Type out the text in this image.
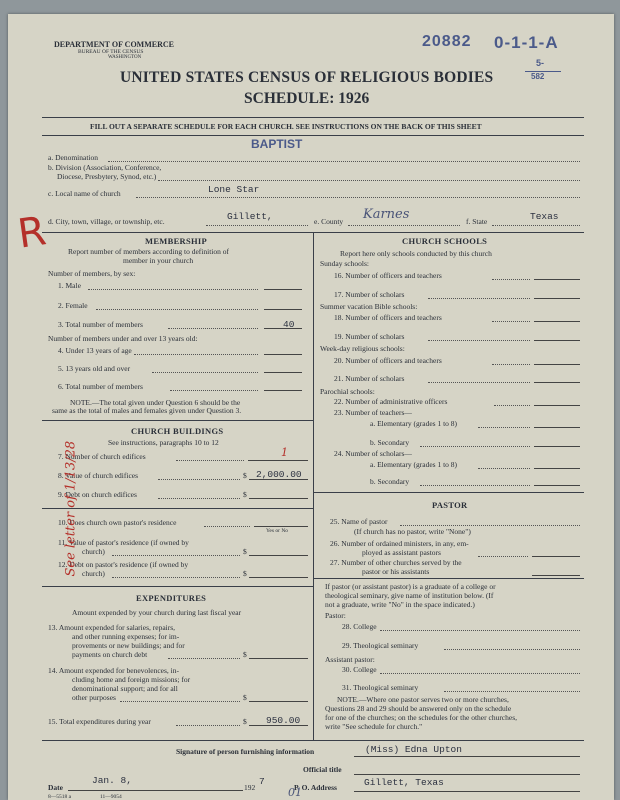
DEPARTMENT OF COMMERCE
BUREAU OF THE CENSUS
WASHINGTON
20882 0-1-1-A
5-
582
UNITED STATES CENSUS OF RELIGIOUS BODIES
SCHEDULE: 1926
FILL OUT A SEPARATE SCHEDULE FOR EACH CHURCH. SEE INSTRUCTIONS ON THE BACK OF THIS SHEET
BAPTIST
a. Denomination
b. Division (Association, Conference,
Diocese, Presbytery, Synod, etc.)
Lone Star
c. Local name of church
Gillett,	Karnes	Texas
d. City, town, village, or township, etc.	e. County	f. State
MEMBERSHIP
Report number of members according to definition of
member in your church
Number of members, by sex:
1. Male
2. Female
3. Total number of members	40
Number of members under and over 13 years old:
4. Under 13 years of age
5. 13 years old and over
6. Total number of members
NOTE.—The total given under Question 6 should be the
same as the total of males and females given under Question 3.
CHURCH BUILDINGS
See instructions, paragraphs 10 to 12
7. Number of church edifices	1
8. Value of church edifices	$ 2,000.00
9. Debt on church edifices	$
10. Does church own pastor's residence
Yes or No
11. Value of pastor's residence (if owned by
church)	$
12. Debt on pastor's residence (if owned by
church)	$
EXPENDITURES
Amount expended by your church during last fiscal year
13. Amount expended for salaries, repairs,
and other running expenses; for im-
provements or new buildings; and for
payments on church debt	$
14. Amount expended for benevolences, in-
cluding home and foreign missions; for
denominational support; and for all
other purposes	$
15. Total expenditures during year	$ 950.00
CHURCH SCHOOLS
Report here only schools conducted by this church
Sunday schools:
16. Number of officers and teachers
17. Number of scholars
Summer vacation Bible schools:
18. Number of officers and teachers
19. Number of scholars
Week-day religious schools:
20. Number of officers and teachers
21. Number of scholars
Parochial schools:
22. Number of administrative officers
23. Number of teachers—
a. Elementary (grades 1 to 8)
b. Secondary
24. Number of scholars—
a. Elementary (grades 1 to 8)
b. Secondary
PASTOR
25. Name of pastor
(If church has no pastor, write "None")
26. Number of ordained ministers, in any, em-
ployed as assistant pastors
27. Number of other churches served by the
pastor or his assistants
If pastor (or assistant pastor) is a graduate of a college or
theological seminary, give name of institution below. (If
not a graduate, write "No" in the space indicated.)
Pastor:
28. College
29. Theological seminary
Assistant pastor:
30. College
31. Theological seminary
NOTE.—Where one pastor serves two or more churches,
Questions 28 and 29 should be answered only on the schedule
for one of the churches; on the schedules for the other churches,
write "See schedule for church."
Signature of person furnishing information	(Miss) Edna Upton
Official title
Date
Jan. 8,
192
7
P. O. Address	Gillett, Texas
8—5518 a	11—9054
R
See letter of 1/13/28
01
